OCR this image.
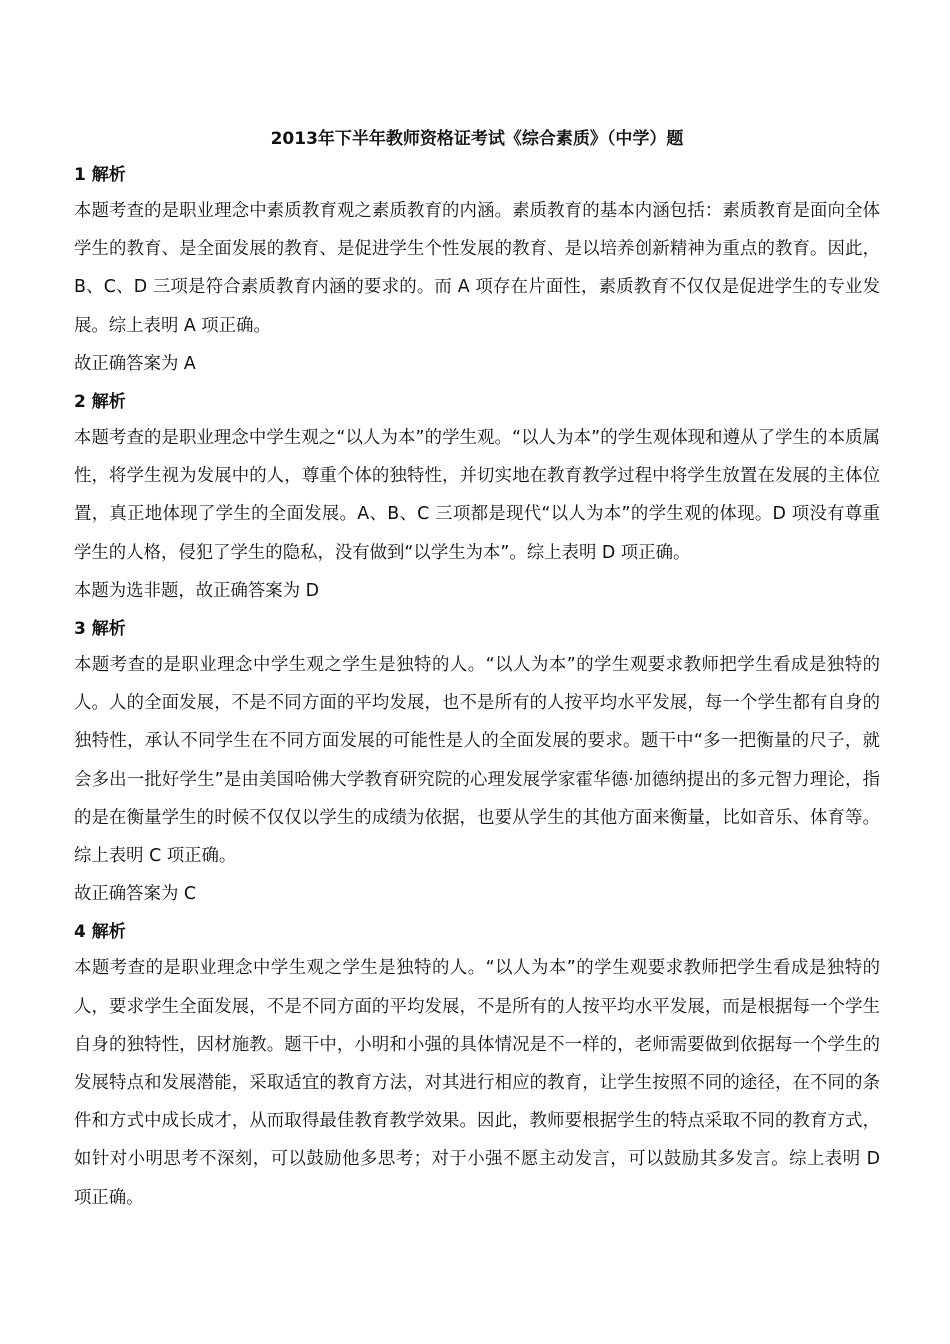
2013年下半年教师资格证考试《综合素质》（中学）题
1 解析

本题考查的是职业理念中素质教育观之素质教育的内涵。素质教育的基本内涵包括：素质教育是面向全体学生的教育、是全面发展的教育、是促进学生个性发展的教育、是以培养创新精神为重点的教育。因此，B、C、D 三项是符合素质教育内涵的要求的。而 A 项存在片面性，素质教育不仅仅是促进学生的专业发展。综上表明 A 项正确。

故正确答案为 A

2 解析

本题考查的是职业理念中学生观之“以人为本”的学生观。“以人为本”的学生观体现和遵从了学生的本质属性，将学生视为发展中的人，尊重个体的独特性，并切实地在教育教学过程中将学生放置在发展的主体位置，真正地体现了学生的全面发展。A、B、C 三项都是现代“以人为本”的学生观的体现。D 项没有尊重学生的人格，侵犯了学生的隐私，没有做到“以学生为本”。综上表明 D 项正确。

本题为选非题，故正确答案为 D

3 解析

本题考查的是职业理念中学生观之学生是独特的人。“以人为本”的学生观要求教师把学生看成是独特的人。人的全面发展，不是不同方面的平均发展，也不是所有的人按平均水平发展，每一个学生都有自身的独特性，承认不同学生在不同方面发展的可能性是人的全面发展的要求。题干中“多一把衡量的尺子，就会多出一批好学生”是由美国哈佛大学教育研究院的心理发展学家霍华德·加德纳提出的多元智力理论，指的是在衡量学生的时候不仅仅以学生的成绩为依据，也要从学生的其他方面来衡量，比如音乐、体育等。综上表明 C 项正确。

故正确答案为 C

4 解析

本题考查的是职业理念中学生观之学生是独特的人。“以人为本”的学生观要求教师把学生看成是独特的人，要求学生全面发展，不是不同方面的平均发展，不是所有的人按平均水平发展，而是根据每一个学生自身的独特性，因材施教。题干中，小明和小强的具体情况是不一样的，老师需要做到依据每一个学生的发展特点和发展潜能，采取适宜的教育方法，对其进行相应的教育，让学生按照不同的途径，在不同的条件和方式中成长成才，从而取得最佳教育教学效果。因此，教师要根据学生的特点采取不同的教育方式，如针对小明思考不深刻，可以鼓励他多思考；对于小强不愿主动发言，可以鼓励其多发言。综上表明 D 项正确。
